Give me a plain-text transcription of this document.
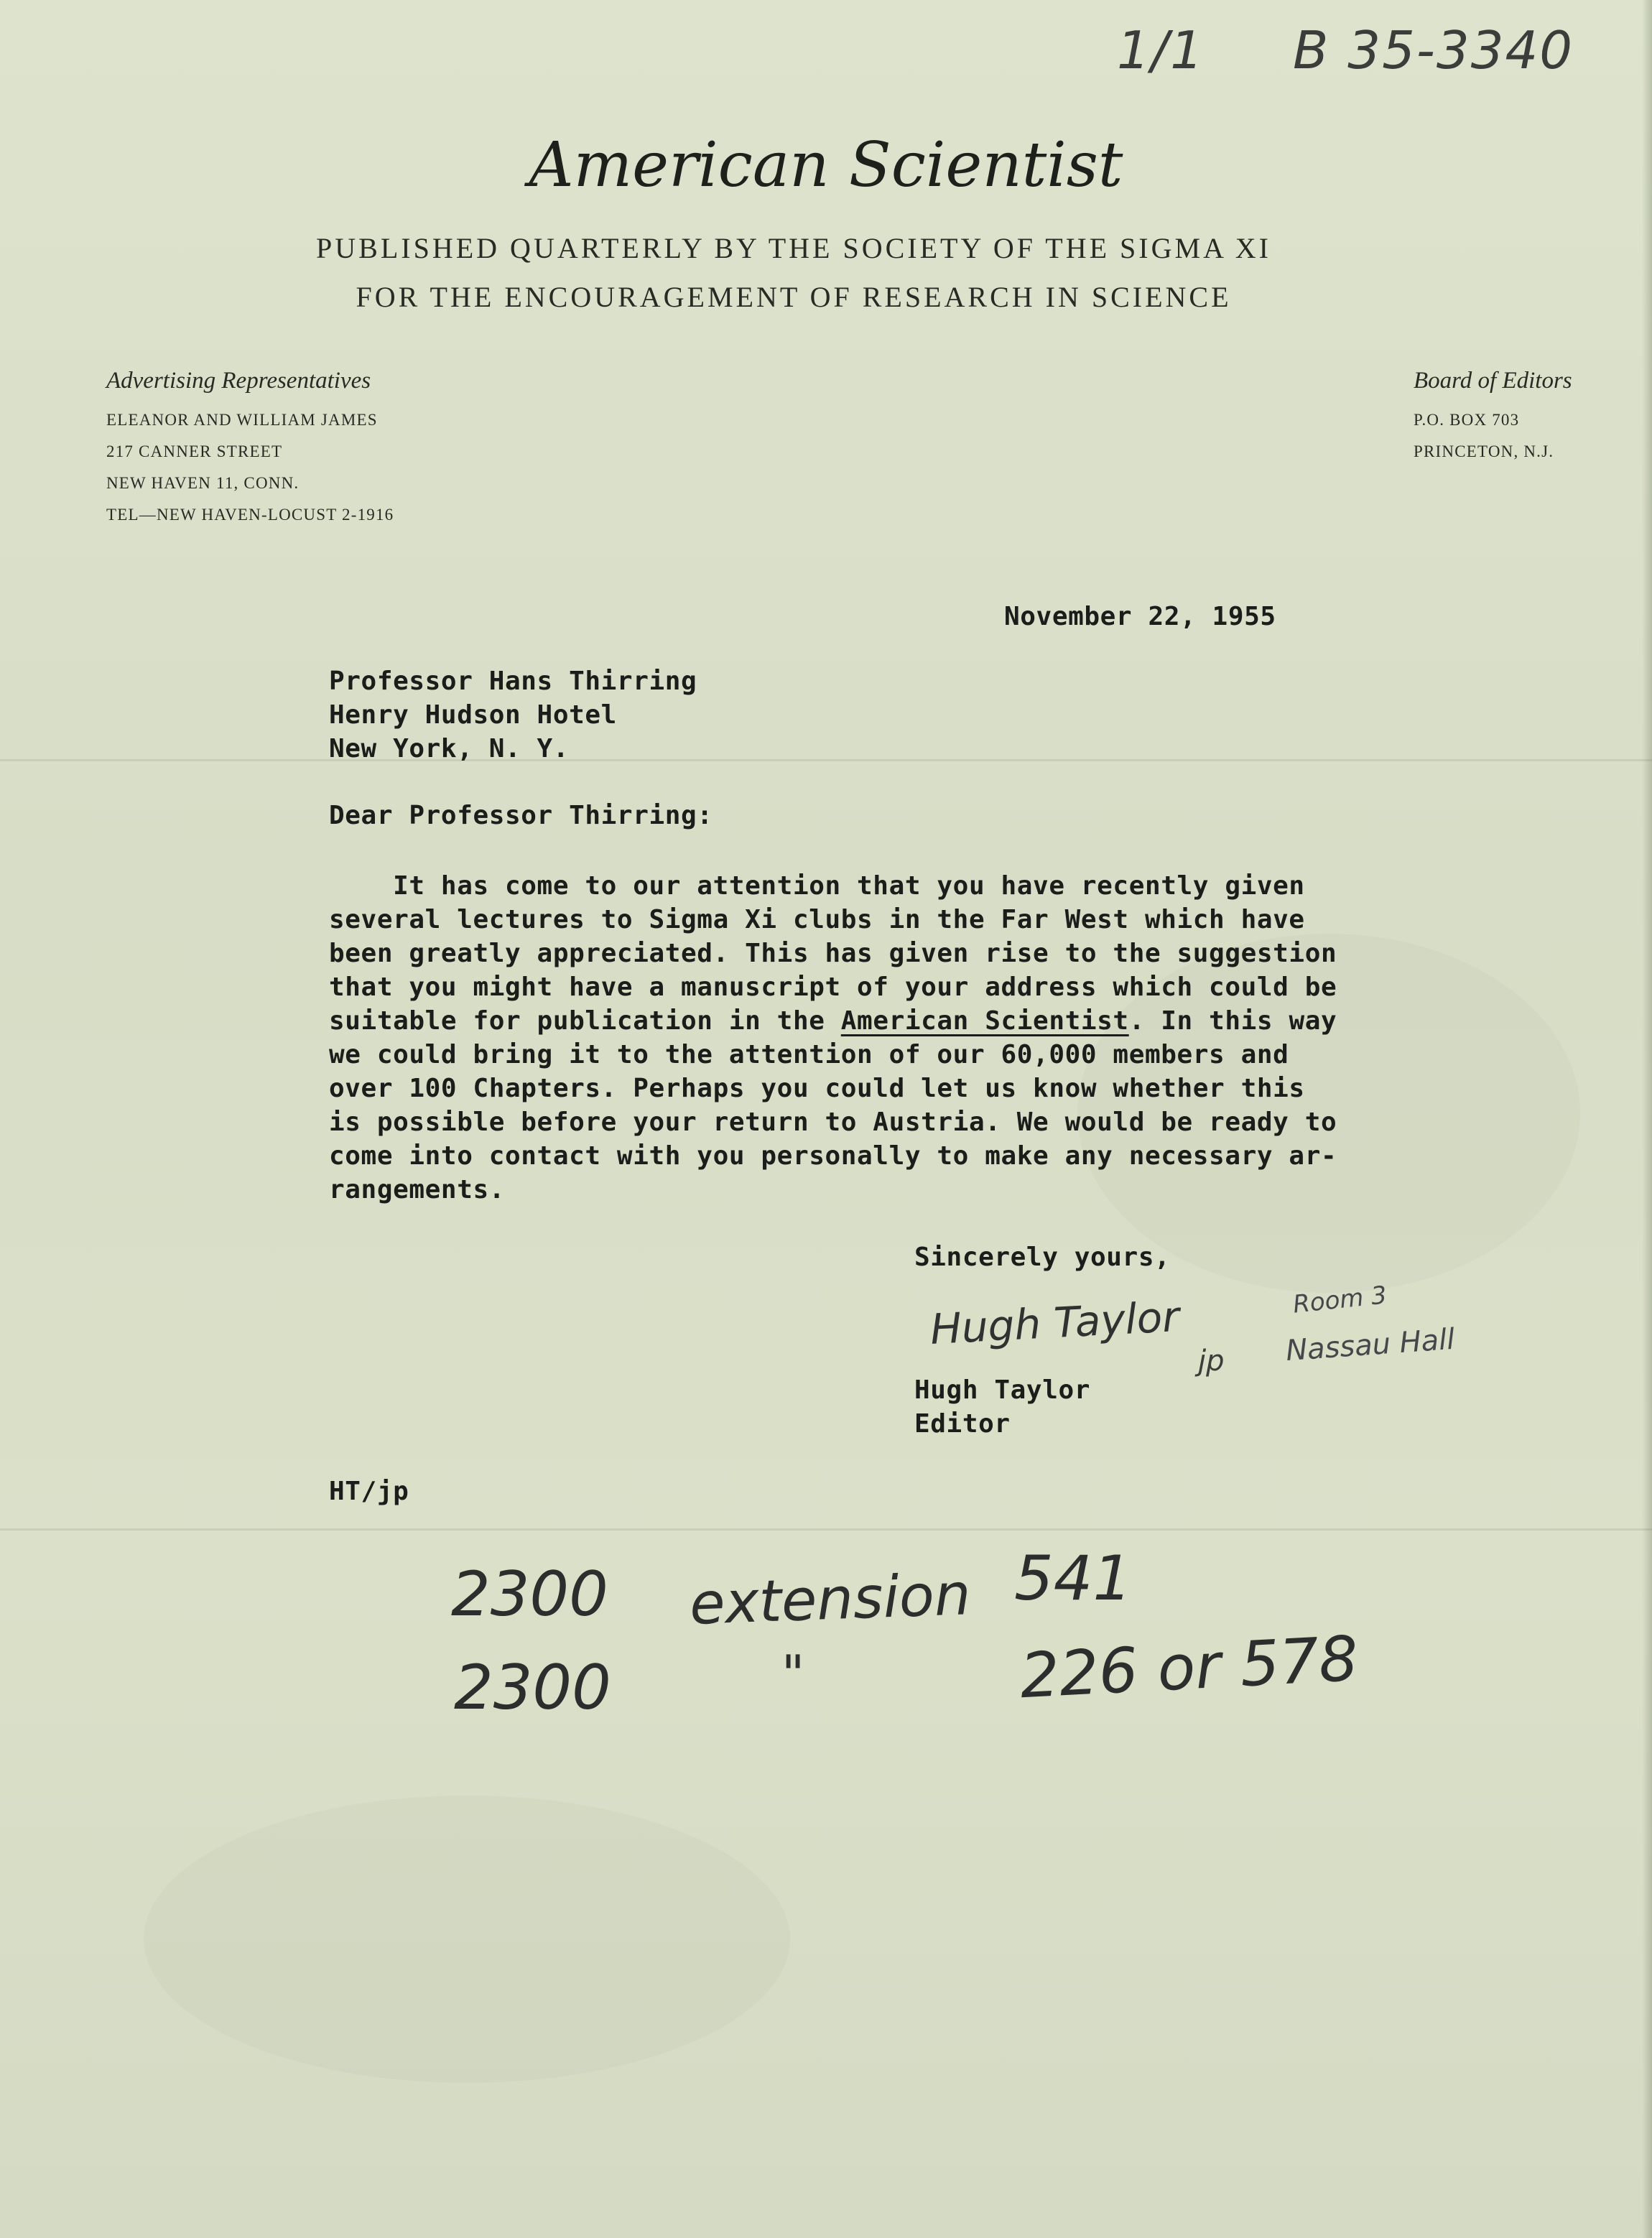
1/1 B 35-3340
American Scientist
PUBLISHED QUARTERLY BY THE SOCIETY OF THE SIGMA XI
FOR THE ENCOURAGEMENT OF RESEARCH IN SCIENCE
Advertising Representatives
ELEANOR AND WILLIAM JAMES
217 CANNER STREET
NEW HAVEN 11, CONN.
TEL—NEW HAVEN-LOCUST 2-1916
Board of Editors
P.O. BOX 703
PRINCETON, N.J.
November 22, 1955
Professor Hans Thirring
Henry Hudson Hotel
New York, N. Y.
Dear Professor Thirring:
It has come to our attention that you have recently given
several lectures to Sigma Xi clubs in the Far West which have
been greatly appreciated. This has given rise to the suggestion
that you might have a manuscript of your address which could be
suitable for publication in the American Scientist. In this way
we could bring it to the attention of our 60,000 members and
over 100 Chapters. Perhaps you could let us know whether this
is possible before your return to Austria. We would be ready to
come into contact with you personally to make any necessary ar-
rangements.
Sincerely yours,
Hugh Taylor
jp
Room 3
Nassau Hall
Hugh Taylor
Editor
HT/jp
2300 extension 541
2300	"	226 or 578
